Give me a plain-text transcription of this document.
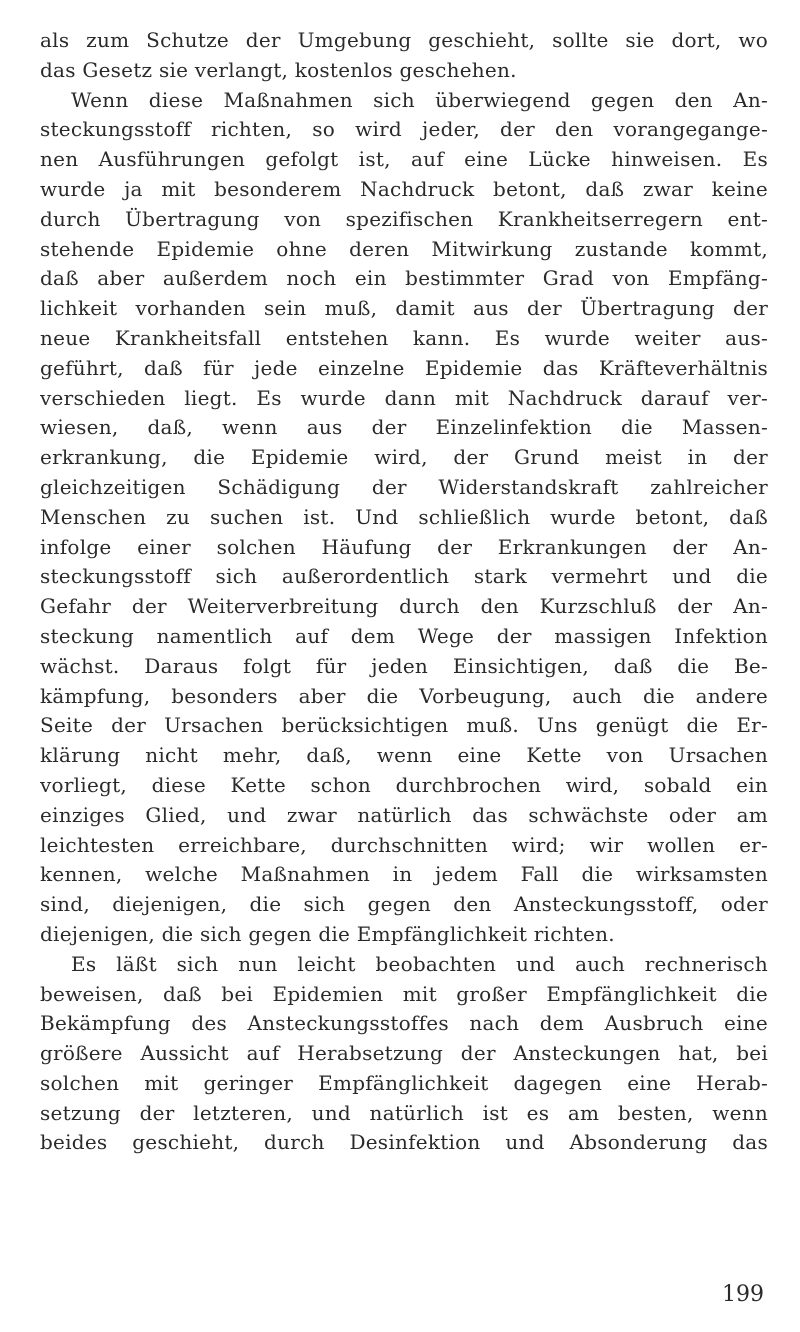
als zum Schutze der Umgebung geschieht, sollte sie dort, wo
das Gesetz sie verlangt, kostenlos geschehen.
Wenn diese Maßnahmen sich überwiegend gegen den An-
steckungsstoff richten, so wird jeder, der den vorangegange-
nen Ausführungen gefolgt ist, auf eine Lücke hinweisen. Es
wurde ja mit besonderem Nachdruck betont, daß zwar keine
durch Übertragung von spezifischen Krankheitserregern ent-
stehende Epidemie ohne deren Mitwirkung zustande kommt,
daß aber außerdem noch ein bestimmter Grad von Empfäng-
lichkeit vorhanden sein muß, damit aus der Übertragung der
neue Krankheitsfall entstehen kann. Es wurde weiter aus-
geführt, daß für jede einzelne Epidemie das Kräfteverhältnis
verschieden liegt. Es wurde dann mit Nachdruck darauf ver-
wiesen, daß, wenn aus der Einzelinfektion die Massen-
erkrankung, die Epidemie wird, der Grund meist in der
gleichzeitigen Schädigung der Widerstandskraft zahlreicher
Menschen zu suchen ist. Und schließlich wurde betont, daß
infolge einer solchen Häufung der Erkrankungen der An-
steckungsstoff sich außerordentlich stark vermehrt und die
Gefahr der Weiterverbreitung durch den Kurzschluß der An-
steckung namentlich auf dem Wege der massigen Infektion
wächst. Daraus folgt für jeden Einsichtigen, daß die Be-
kämpfung, besonders aber die Vorbeugung, auch die andere
Seite der Ursachen berücksichtigen muß. Uns genügt die Er-
klärung nicht mehr, daß, wenn eine Kette von Ursachen
vorliegt, diese Kette schon durchbrochen wird, sobald ein
einziges Glied, und zwar natürlich das schwächste oder am
leichtesten erreichbare, durchschnitten wird; wir wollen er-
kennen, welche Maßnahmen in jedem Fall die wirksamsten
sind, diejenigen, die sich gegen den Ansteckungsstoff, oder
diejenigen, die sich gegen die Empfänglichkeit richten.
Es läßt sich nun leicht beobachten und auch rechnerisch
beweisen, daß bei Epidemien mit großer Empfänglichkeit die
Bekämpfung des Ansteckungsstoffes nach dem Ausbruch eine
größere Aussicht auf Herabsetzung der Ansteckungen hat, bei
solchen mit geringer Empfänglichkeit dagegen eine Herab-
setzung der letzteren, und natürlich ist es am besten, wenn
beides geschieht, durch Desinfektion und Absonderung das
199
